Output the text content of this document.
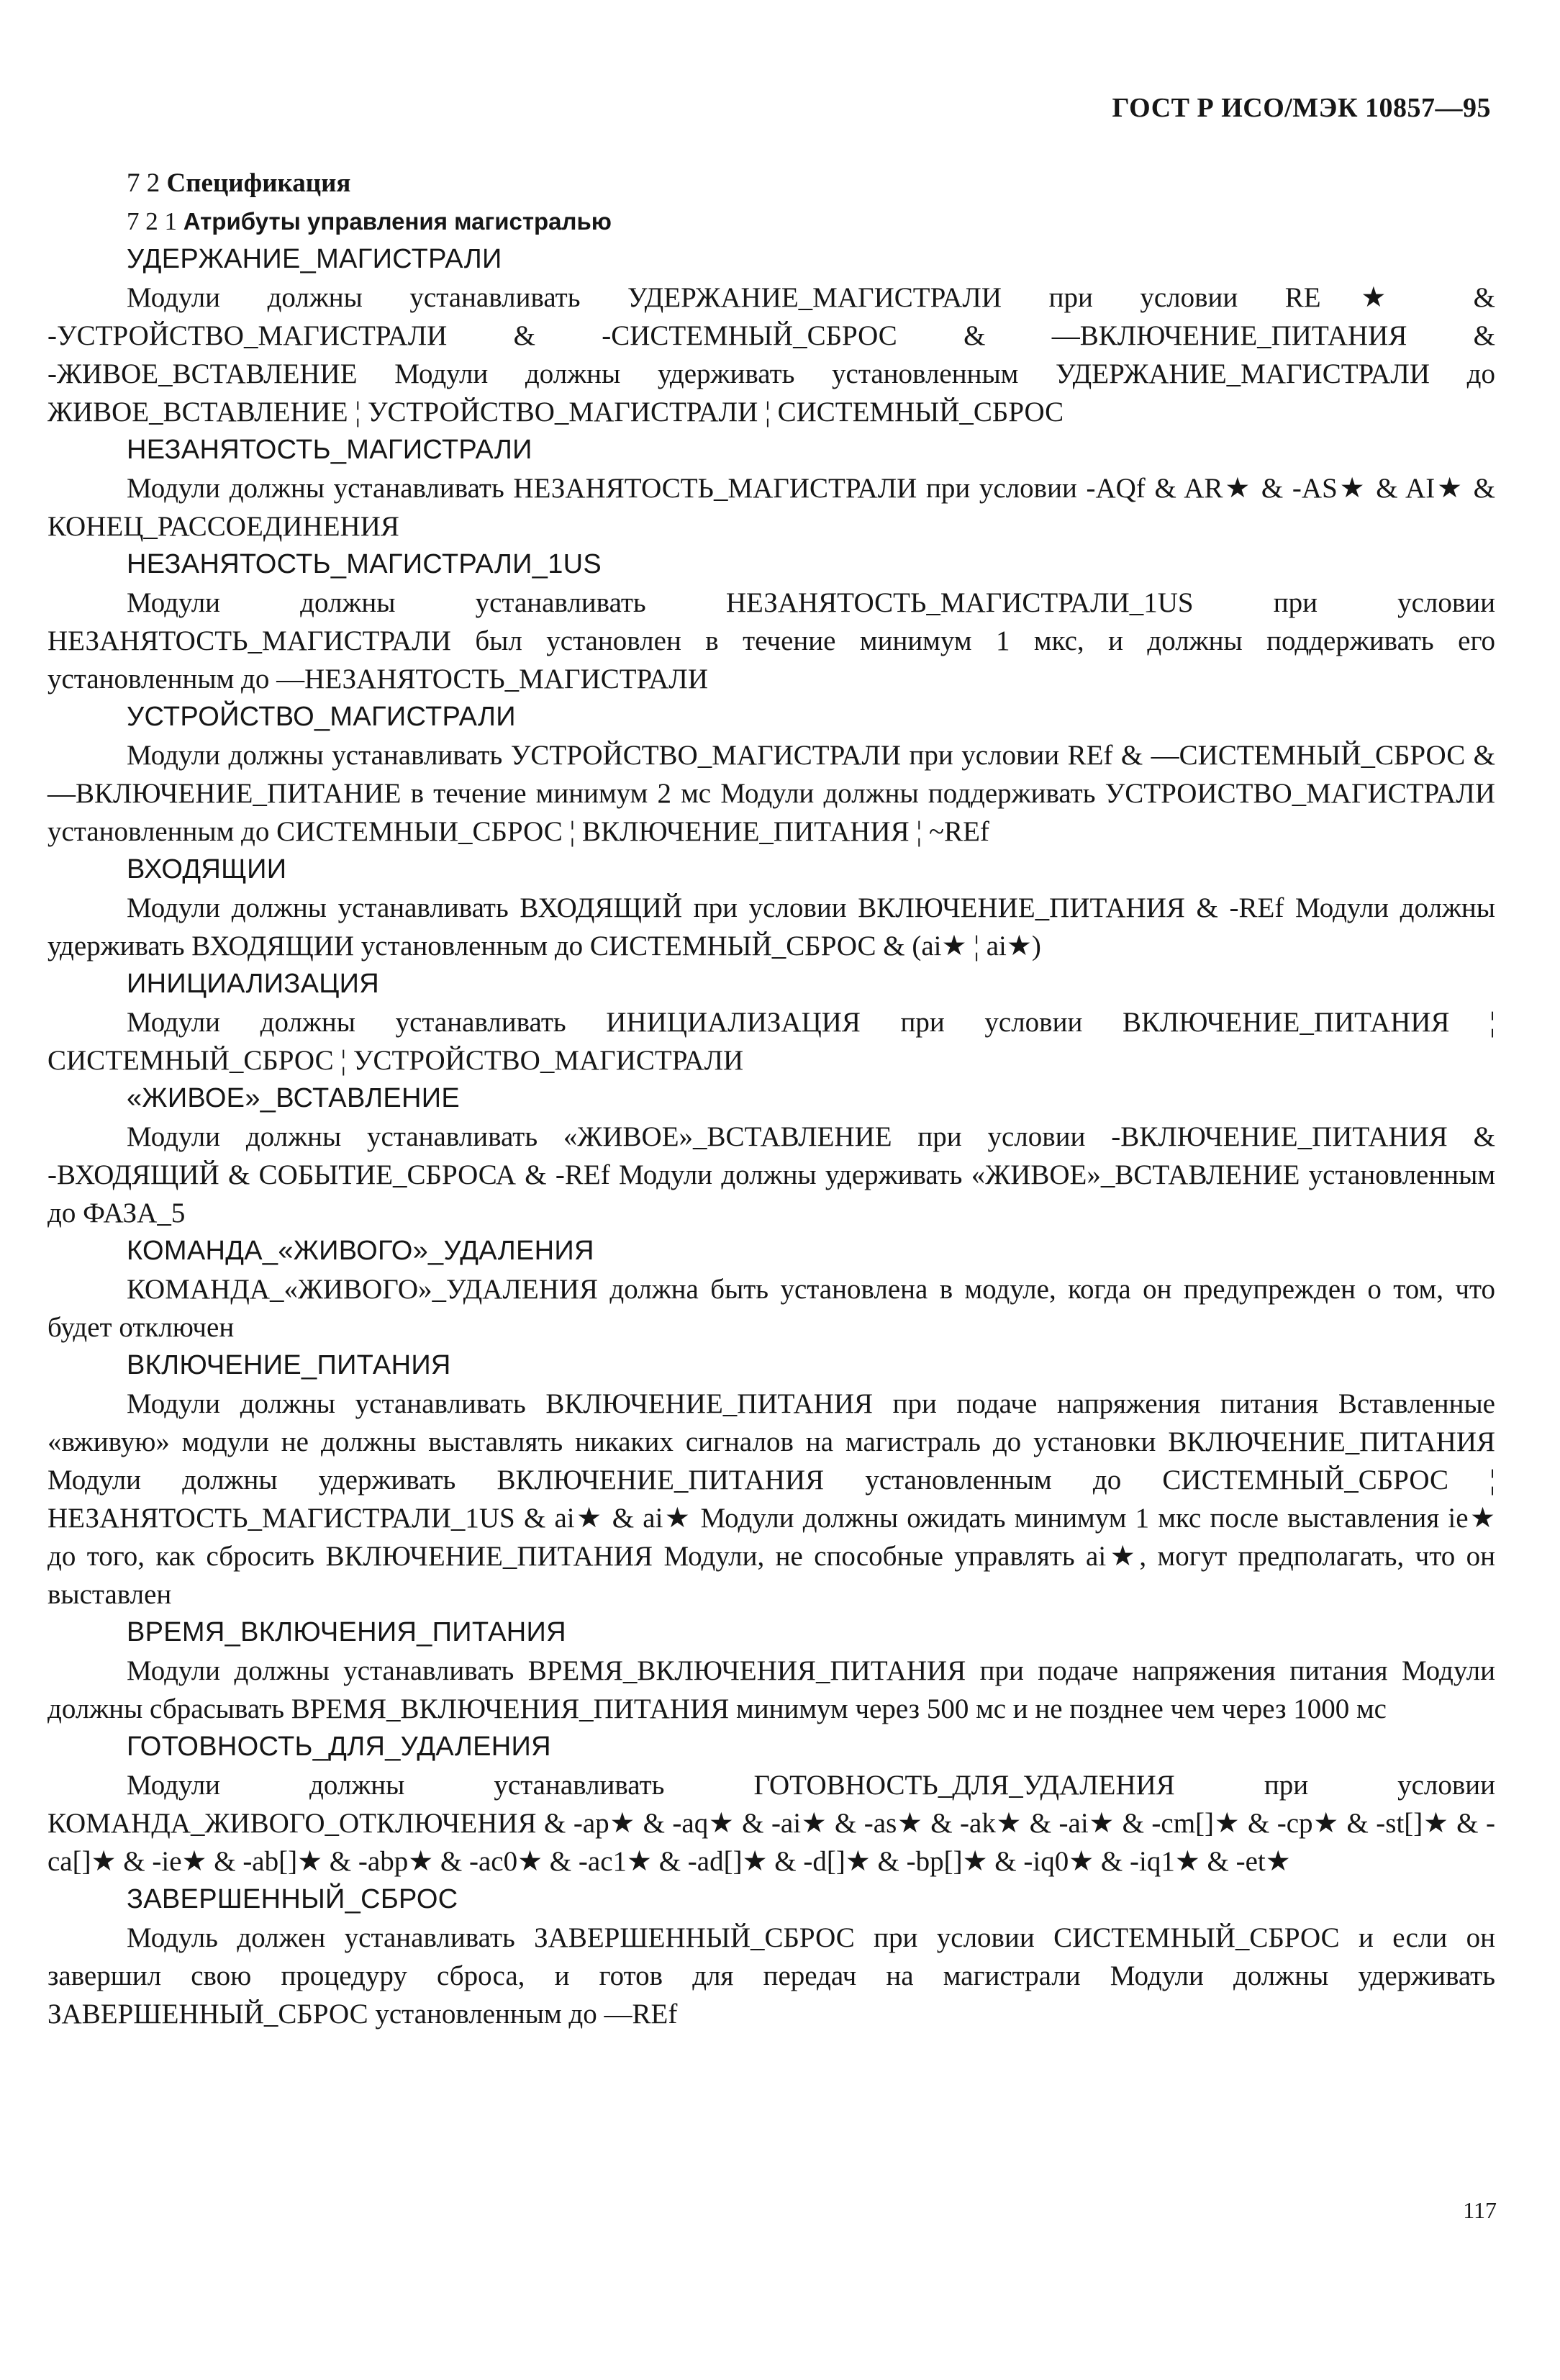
ГОСТ Р ИСО/МЭК 10857—95

7 2 Спецификация

7 2 1 Атрибуты управления магистралью

УДЕРЖАНИЕ_МАГИСТРАЛИ

Модули должны устанавливать УДЕРЖАНИЕ_МАГИСТРАЛИ при условии RE★ & -УСТРОЙСТВО_МАГИСТРАЛИ & -СИСТЕМНЫЙ_СБРОС & —ВКЛЮЧЕНИЕ_ПИТАНИЯ & -ЖИВОЕ_ВСТАВЛЕНИЕ Модули должны удерживать установленным УДЕРЖАНИЕ_МАГИСТРАЛИ до ЖИВОЕ_ВСТАВЛЕНИЕ ¦ УСТРОЙСТВО_МАГИСТРАЛИ ¦ СИСТЕМНЫЙ_СБРОС

НЕЗАНЯТОСТЬ_МАГИСТРАЛИ

Модули должны устанавливать НЕЗАНЯТОСТЬ_МАГИСТРАЛИ при условии -AQf & AR★ & -AS★ & AI★ & КОНЕЦ_РАССОЕДИНЕНИЯ

НЕЗАНЯТОСТЬ_МАГИСТРАЛИ_1US

Модули должны устанавливать НЕЗАНЯТОСТЬ_МАГИСТРАЛИ_1US при условии НЕЗАНЯТОСТЬ_МАГИСТРАЛИ был установлен в течение минимум 1 мкс, и должны поддерживать его установленным до —НЕЗАНЯТОСТЬ_МАГИСТРАЛИ

УСТРОЙСТВО_МАГИСТРАЛИ

Модули должны устанавливать УСТРОЙСТВО_МАГИСТРАЛИ при условии REf & —СИСТЕМНЫЙ_СБРОС & —ВКЛЮЧЕНИЕ_ПИТАНИЕ в течение минимум 2 мс Модули должны поддерживать УСТРОИСТВО_МАГИСТРАЛИ установленным до СИСТЕМНЫИ_СБРОС ¦ ВКЛЮЧЕНИЕ_ПИТАНИЯ ¦ ~REf

ВХОДЯЩИИ

Модули должны устанавливать ВХОДЯЩИЙ при условии ВКЛЮЧЕНИЕ_ПИТАНИЯ & -REf Модули должны удерживать ВХОДЯЩИИ установленным до СИСТЕМНЫЙ_СБРОС & (ai★ ¦ ai★)

ИНИЦИАЛИЗАЦИЯ

Модули должны устанавливать ИНИЦИАЛИЗАЦИЯ при условии ВКЛЮЧЕНИЕ_ПИТАНИЯ ¦ СИСТЕМНЫЙ_СБРОС ¦ УСТРОЙСТВО_МАГИСТРАЛИ

«ЖИВОЕ»_ВСТАВЛЕНИЕ

Модули должны устанавливать «ЖИВОЕ»_ВСТАВЛЕНИЕ при условии -ВКЛЮЧЕНИЕ_ПИТАНИЯ & -ВХОДЯЩИЙ & СОБЫТИЕ_СБРОСА & -REf Модули должны удерживать «ЖИВОЕ»_ВСТАВЛЕНИЕ установленным до ФАЗА_5

КОМАНДА_«ЖИВОГО»_УДАЛЕНИЯ

КОМАНДА_«ЖИВОГО»_УДАЛЕНИЯ должна быть установлена в модуле, когда он предупрежден о том, что будет отключен

ВКЛЮЧЕНИЕ_ПИТАНИЯ

Модули должны устанавливать ВКЛЮЧЕНИЕ_ПИТАНИЯ при подаче напряжения питания Вставленные «вживую» модули не должны выставлять никаких сигналов на магистраль до установки ВКЛЮЧЕНИЕ_ПИТАНИЯ Модули должны удерживать ВКЛЮЧЕНИЕ_ПИТАНИЯ установленным до СИСТЕМНЫЙ_СБРОС ¦ НЕЗАНЯТОСТЬ_МАГИСТРАЛИ_1US & ai★ & ai★ Модули должны ожидать минимум 1 мкс после выставления ie★ до того, как сбросить ВКЛЮЧЕНИЕ_ПИТАНИЯ Модули, не способные управлять ai★, могут предполагать, что он выставлен

ВРЕМЯ_ВКЛЮЧЕНИЯ_ПИТАНИЯ

Модули должны устанавливать ВРЕМЯ_ВКЛЮЧЕНИЯ_ПИТАНИЯ при подаче напряжения питания Модули должны сбрасывать ВРЕМЯ_ВКЛЮЧЕНИЯ_ПИТАНИЯ минимум через 500 мс и не позднее чем через 1000 мс

ГОТОВНОСТЬ_ДЛЯ_УДАЛЕНИЯ

Модули должны устанавливать ГОТОВНОСТЬ_ДЛЯ_УДАЛЕНИЯ при условии КОМАНДА_ЖИВОГО_ОТКЛЮЧЕНИЯ & -ap★ & -aq★ & -ai★ & -as★ & -ak★ & -ai★ & -cm[]★ & -cp★ & -st[]★ & -ca[]★ & -ie★ & -ab[]★ & -abp★ & -ac0★ & -ac1★ & -ad[]★ & -d[]★ & -bp[]★ & -iq0★ & -iq1★ & -et★

ЗАВЕРШЕННЫЙ_СБРОС

Модуль должен устанавливать ЗАВЕРШЕННЫЙ_СБРОС при условии СИСТЕМНЫЙ_СБРОС и если он завершил свою процедуру сброса, и готов для передач на магистрали Модули должны удерживать ЗАВЕРШЕННЫЙ_СБРОС установленным до —REf

117
